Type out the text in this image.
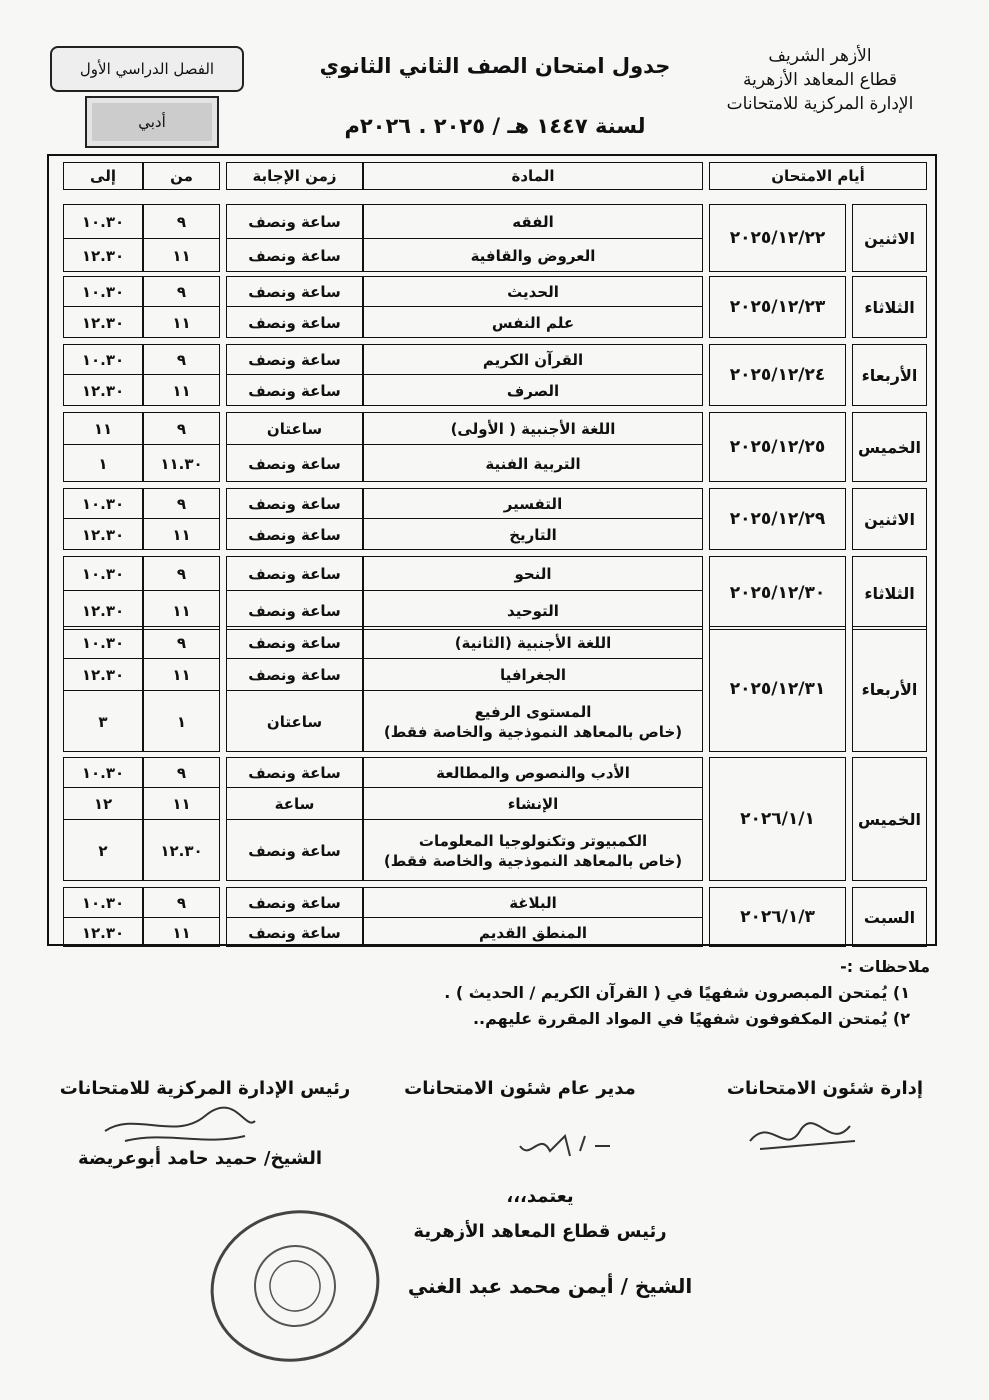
الأزهر الشريف
قطاع المعاهد الأزهرية
الإدارة المركزية للامتحانات
جدول امتحان الصف الثاني الثانوي
لسنة ١٤٤٧ هـ / ٢٠٢٥ . ٢٠٢٦م
الفصل الدراسي الأول
أدبي
أيام الامتحان
المادة
زمن الإجابة
من
إلى
الاثنين
٢٠٢٥/١٢/٢٢
الفقه
العروض والقافية
ساعة ونصف
ساعة ونصف
٩
١١
١٠.٣٠
١٢.٣٠
الثلاثاء
٢٠٢٥/١٢/٢٣
الحديث
علم النفس
ساعة ونصف
ساعة ونصف
٩
١١
١٠.٣٠
١٢.٣٠
الأربعاء
٢٠٢٥/١٢/٢٤
القرآن الكريم
الصرف
ساعة ونصف
ساعة ونصف
٩
١١
١٠.٣٠
١٢.٣٠
الخميس
٢٠٢٥/١٢/٢٥
اللغة الأجنبية ( الأولى)
التربية الفنية
ساعتان
ساعة ونصف
٩
١١.٣٠
١١
١
الاثنين
٢٠٢٥/١٢/٢٩
التفسير
التاريخ
ساعة ونصف
ساعة ونصف
٩
١١
١٠.٣٠
١٢.٣٠
الثلاثاء
٢٠٢٥/١٢/٣٠
النحو
التوحيد
ساعة ونصف
ساعة ونصف
٩
١١
١٠.٣٠
١٢.٣٠
الأربعاء
٢٠٢٥/١٢/٣١
اللغة الأجنبية (الثانية)
الجغرافيا
المستوى الرفيع
(خاص بالمعاهد النموذجية والخاصة فقط)
ساعة ونصف
ساعة ونصف
ساعتان
٩
١١
١
١٠.٣٠
١٢.٣٠
٣
الخميس
٢٠٢٦/١/١
الأدب والنصوص والمطالعة
الإنشاء
الكمبيوتر وتكنولوجيا المعلومات
(خاص بالمعاهد النموذجية والخاصة فقط)
ساعة ونصف
ساعة
ساعة ونصف
٩
١١
١٢.٣٠
١٠.٣٠
١٢
٢
السبت
٢٠٢٦/١/٣
البلاغة
المنطق القديم
ساعة ونصف
ساعة ونصف
٩
١١
١٠.٣٠
١٢.٣٠
ملاحظات :-
١) يُمتحن المبصرون شفهيًا في ( القرآن الكريم / الحديث ) .
٢) يُمتحن المكفوفون شفهيًا في المواد المقررة عليهم..
إدارة شئون الامتحانات
مدير عام شئون الامتحانات
رئيس الإدارة المركزية للامتحانات
الشيخ/ حميد حامد أبوعريضة
يعتمد،،،
رئيس قطاع المعاهد الأزهرية
الشيخ / أيمن محمد عبد الغني
